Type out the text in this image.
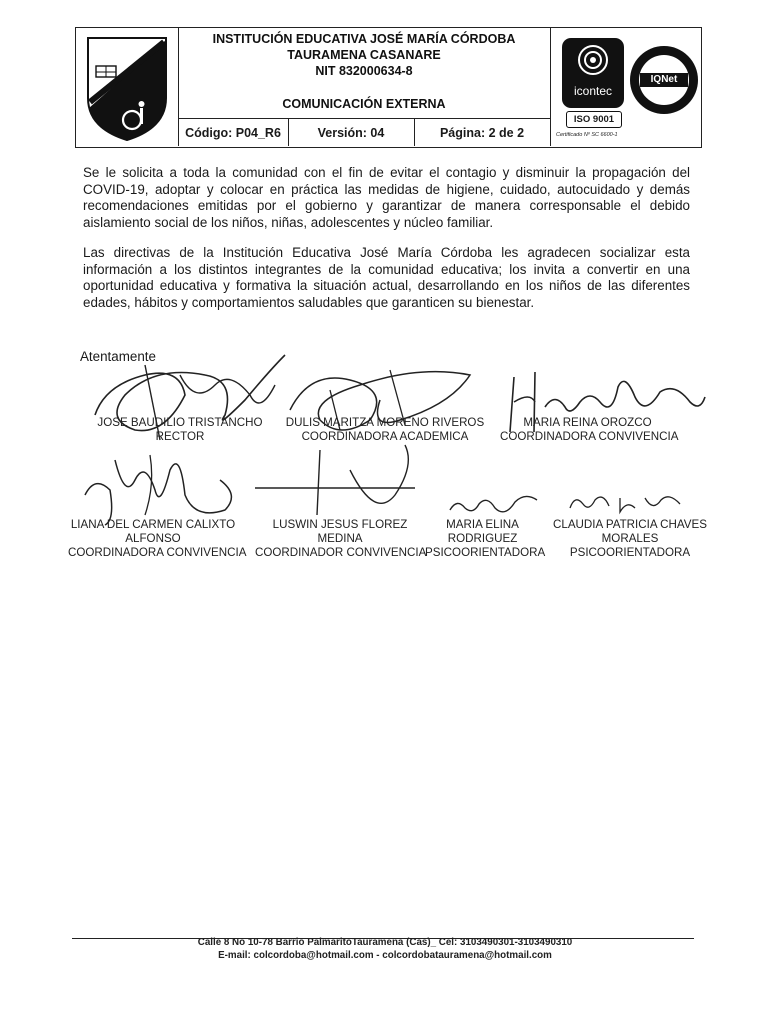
INSTITUCIÓN EDUCATIVA JOSÉ MARÍA CÓRDOBA
TAURAMENA CASANARE
NIT 832000634-8
COMUNICACIÓN EXTERNA
Código: P04_R6	Versión: 04	Página: 2 de 2
icontec
ISO 9001
IQNet
Certificado Nº SC 6600-1
Se le solicita a toda la comunidad con el fin de evitar el contagio y disminuir la propagación del COVID-19, adoptar y colocar en práctica las medidas de higiene, cuidado, autocuidado y demás recomendaciones emitidas por el gobierno y garantizar de manera corresponsable el debido aislamiento social de los niños, niñas, adolescentes y núcleo familiar.
Las directivas de la Institución Educativa José María Córdoba les agradecen socializar esta información a los distintos integrantes de la comunidad educativa; los invita a convertir en una oportunidad educativa y formativa la situación actual, desarrollando en los niños de las diferentes edades, hábitos y comportamientos saludables que garanticen su bienestar.
Atentamente
JOSE BAUDILIO TRISTANCHO
RECTOR
DULIS MARITZA MORENO RIVEROS
COORDINADORA ACADEMICA
MARIA REINA OROZCO
COORDINADORA CONVIVENCIA
LIANA DEL CARMEN CALIXTO
ALFONSO
COORDINADORA CONVIVENCIA
LUSWIN JESUS FLOREZ
MEDINA
COORDINADOR CONVIVENCIA
MARIA ELINA
RODRIGUEZ
PSICOORIENTADORA
CLAUDIA PATRICIA CHAVES
MORALES
PSICOORIENTADORA
Calle 8 No 10-78 Barrio PalmaritoTauramena (Cas)_ Cel: 3103490301-3103490310
E-mail: colcordoba@hotmail.com - colcordobatauramena@hotmail.com
